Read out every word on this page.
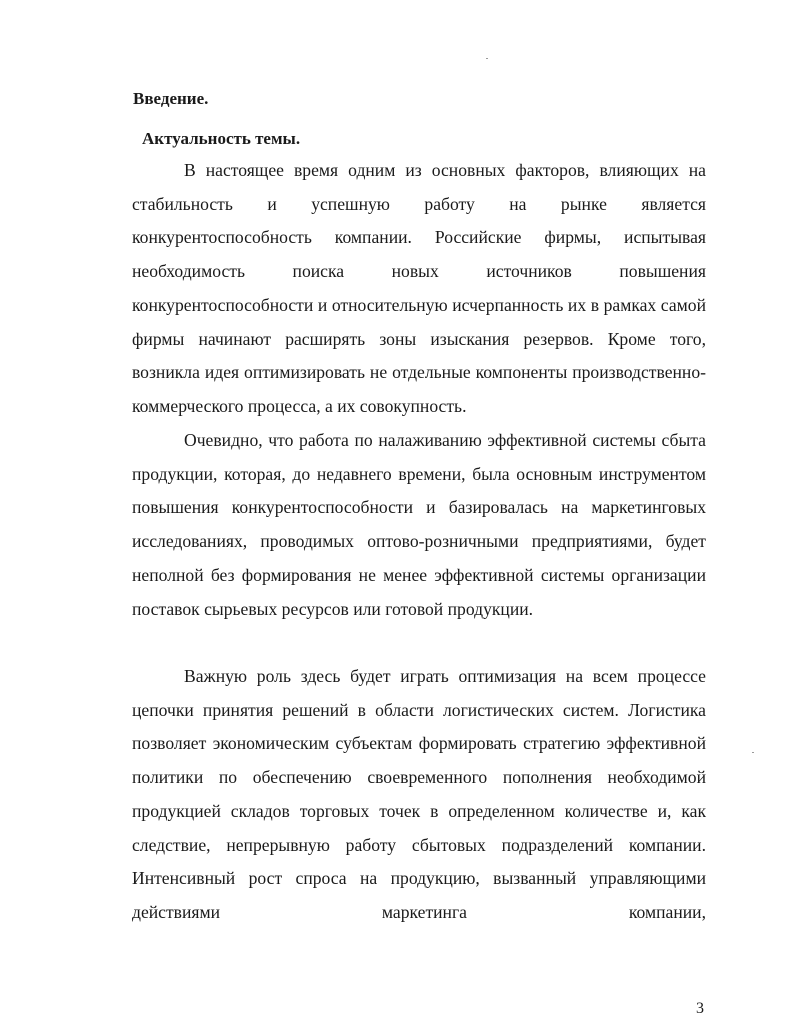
Введение.
Актуальность темы.

В настоящее время одним из основных факторов, влияющих на стабильность и успешную работу на рынке является конкурентоспособность компании. Российские фирмы, испытывая необходимость поиска новых источников повышения конкурентоспособности и относительную исчерпанность их в рамках самой фирмы начинают расширять зоны изыскания резервов. Кроме того, возникла идея оптимизировать не отдельные компоненты производственно-коммерческого процесса, а их совокупность.

Очевидно, что работа по налаживанию эффективной системы сбыта продукции, которая, до недавнего времени, была основным инструментом повышения конкурентоспособности и базировалась на маркетинговых исследованиях, проводимых оптово-розничными предприятиями, будет неполной без формирования не менее эффективной системы организации поставок сырьевых ресурсов или готовой продукции.

Важную роль здесь будет играть оптимизация на всем процессе цепочки принятия решений в области логистических систем. Логистика позволяет экономическим субъектам формировать стратегию эффективной политики по обеспечению своевременного пополнения необходимой продукцией складов торговых точек в определенном количестве и, как следствие, непрерывную работу сбытовых подразделений компании. Интенсивный рост спроса на продукцию, вызванный управляющими действиями маркетинга компании,

3
